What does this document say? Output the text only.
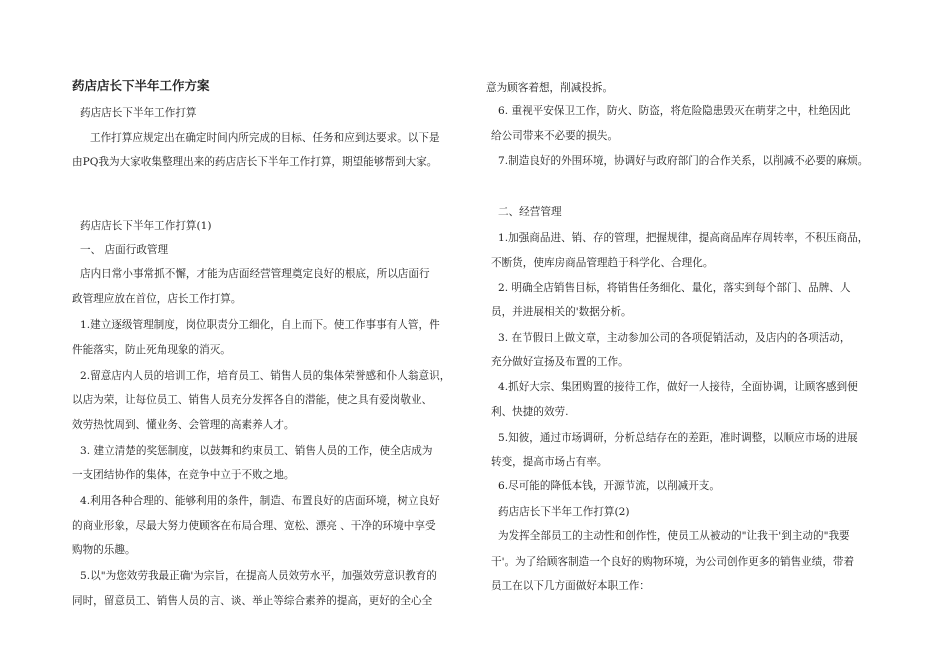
药店店长下半年工作方案
药店店长下半年工作打算
工作打算应规定出在确定时间内所完成的目标、任务和应到达要求。以下是
由PQ我为大家收集整理出来的药店店长下半年工作打算，期望能够帮到大家。
药店店长下半年工作打算(1)
一、 店面行政管理
店内日常小事常抓不懈，才能为店面经营管理奠定良好的根底，所以店面行
政管理应放在首位，店长工作打算。
1.建立逐级管理制度，岗位职责分工细化，自上而下。使工作事事有人管，件
件能落实，防止死角现象的消灭。
2.留意店内人员的培训工作，培育员工、销售人员的集体荣誉感和仆人翁意识，
以店为荣，让每位员工、销售人员充分发挥各自的潜能，使之具有爱岗敬业、
效劳热忱周到、懂业务、会管理的高素养人才。
3. 建立清楚的奖惩制度，以鼓舞和约束员工、销售人员的工作，使全店成为
一支团结协作的集体，在竞争中立于不败之地。
4.利用各种合理的、能够利用的条件，制造、布置良好的店面环境，树立良好
的商业形象，尽最大努力使顾客在布局合理、宽松、漂亮 、干净的环境中享受
购物的乐趣。
5.以"为您效劳我最正确'为宗旨，在提高人员效劳水平，加强效劳意识教育的
同时，留意员工、销售人员的言、谈、举止等综合素养的提高，更好的全心全
意为顾客着想，削减投拆。
6. 重视平安保卫工作，防火、防盗，将危险隐患毁灭在萌芽之中，杜绝因此
给公司带来不必要的损失。
7.制造良好的外围环境，协调好与政府部门的合作关系，以削减不必要的麻烦。
二、经营管理
1.加强商品进、销、存的管理，把握规律，提高商品库存周转率，不积压商品，
不断货，使库房商品管理趋于科学化、合理化。
2. 明确全店销售目标，将销售任务细化、量化，落实到每个部门、品牌、人
员，并进展相关的'数据分析。
3. 在节假日上做文章，主动参加公司的各项促销活动，及店内的各项活动，
充分做好宣扬及布置的工作。
4.抓好大宗、集团购置的接待工作，做好一人接待，全面协调，让顾客感到便
利、快捷的效劳.
5.知彼，通过市场调研，分析总结存在的差距，准时调整，以顺应市场的进展
转变，提高市场占有率。
6.尽可能的降低本钱，开源节流，以削减开支。
药店店长下半年工作打算(2)
为发挥全部员工的主动性和创作性，使员工从被动的"让我干'到主动的"我要
干'。为了给顾客制造一个良好的购物环境，为公司创作更多的销售业绩，带着
员工在以下几方面做好本职工作：
